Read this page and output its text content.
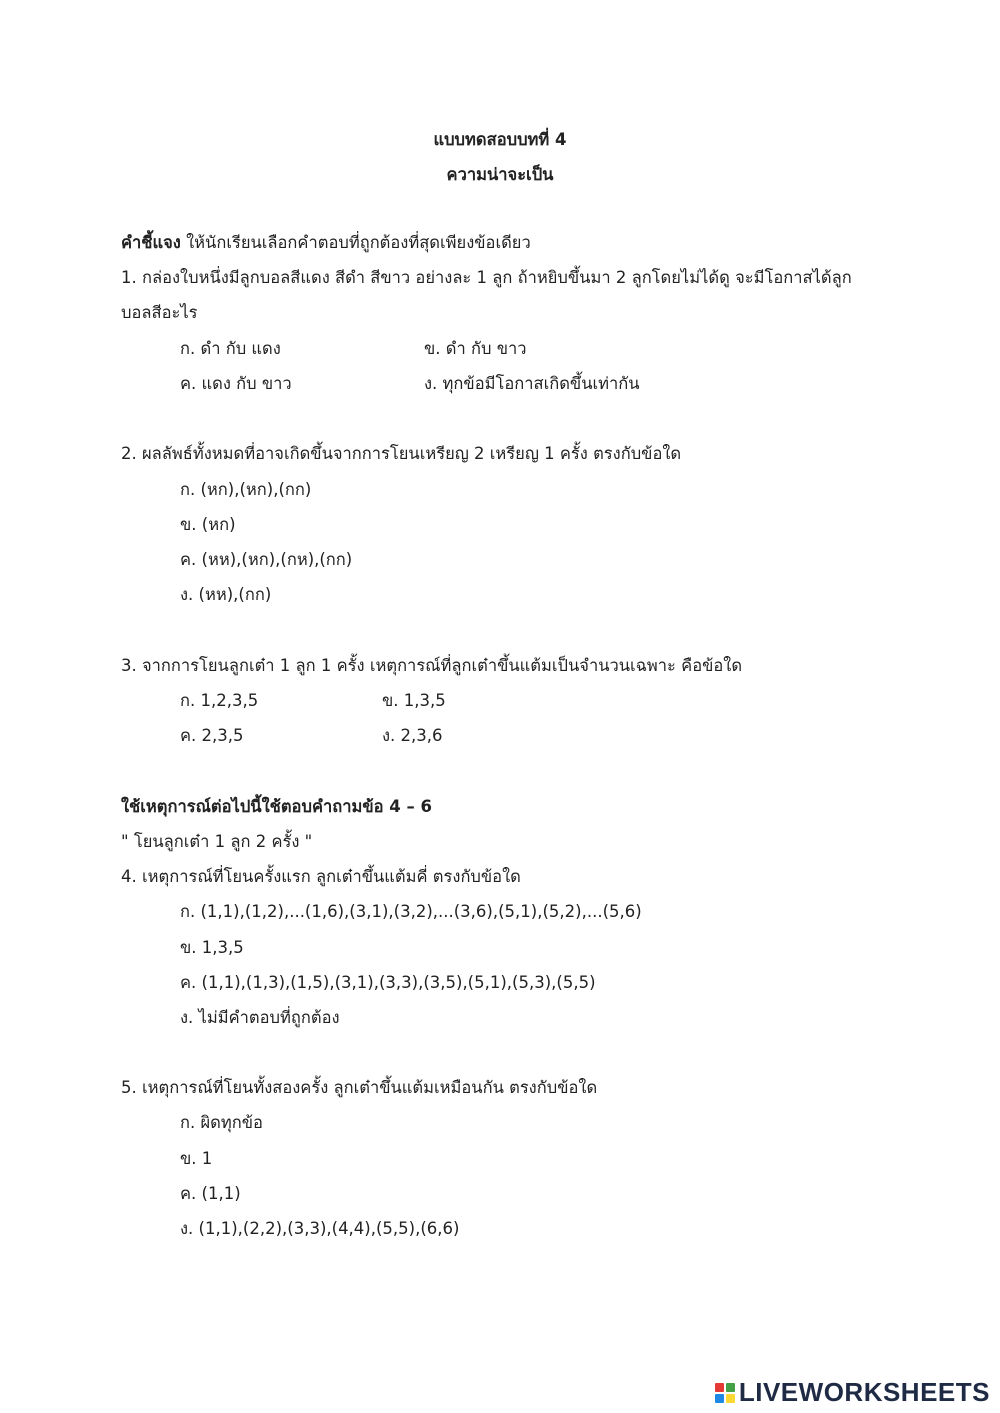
แบบทดสอบบทที่ 4
ความน่าจะเป็น
คำชี้แจง ให้นักเรียนเลือกคำตอบที่ถูกต้องที่สุดเพียงข้อเดียว
1. กล่องใบหนึ่งมีลูกบอลสีแดง สีดำ สีขาว อย่างละ 1 ลูก ถ้าหยิบขึ้นมา 2 ลูกโดยไม่ได้ดู จะมีโอกาสได้ลูก
บอลสีอะไร
ก. ดำ กับ แดง	ข. ดำ กับ ขาว
ค. แดง กับ ขาว	ง. ทุกข้อมีโอกาสเกิดขึ้นเท่ากัน
2. ผลลัพธ์ทั้งหมดที่อาจเกิดขึ้นจากการโยนเหรียญ 2 เหรียญ 1 ครั้ง ตรงกับข้อใด
ก. (หก),(หก),(กก)
ข. (หก)
ค. (หห),(หก),(กห),(กก)
ง. (หห),(กก)
3. จากการโยนลูกเต๋า 1 ลูก 1 ครั้ง เหตุการณ์ที่ลูกเต๋าขึ้นแต้มเป็นจำนวนเฉพาะ คือข้อใด
ก. 1,2,3,5	ข. 1,3,5
ค. 2,3,5	ง. 2,3,6
ใช้เหตุการณ์ต่อไปนี้ใช้ตอบคำถามข้อ 4 – 6
" โยนลูกเต๋า 1 ลูก 2 ครั้ง "
4. เหตุการณ์ที่โยนครั้งแรก ลูกเต๋าขึ้นแต้มคี่ ตรงกับข้อใด
ก. (1,1),(1,2),...(1,6),(3,1),(3,2),...(3,6),(5,1),(5,2),...(5,6)
ข. 1,3,5
ค. (1,1),(1,3),(1,5),(3,1),(3,3),(3,5),(5,1),(5,3),(5,5)
ง. ไม่มีคำตอบที่ถูกต้อง
5. เหตุการณ์ที่โยนทั้งสองครั้ง ลูกเต๋าขึ้นแต้มเหมือนกัน ตรงกับข้อใด
ก. ผิดทุกข้อ
ข. 1
ค. (1,1)
ง. (1,1),(2,2),(3,3),(4,4),(5,5),(6,6)
LIVEWORKSHEETS
